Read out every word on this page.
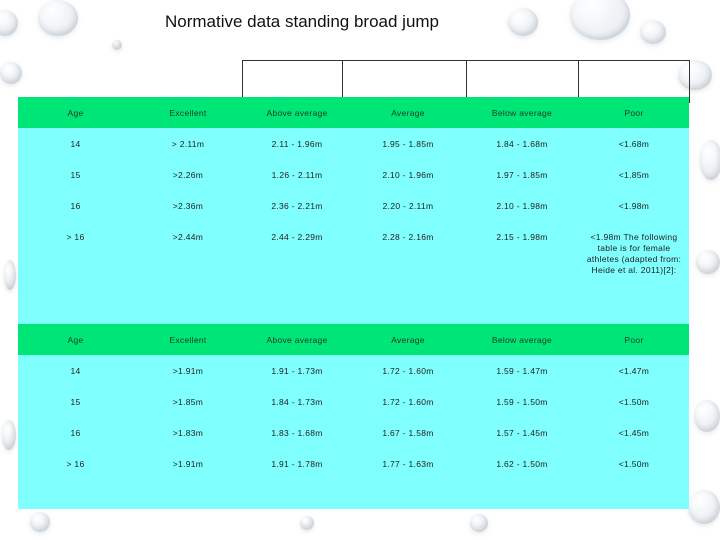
Normative data standing broad jump
Age	Excellent	Above average	Average	Below average	Poor
14	> 2.11m	2.11 - 1.96m	1.95 - 1.85m	1.84 - 1.68m	<1.68m
15	>2.26m	1.26 - 2.11m	2.10 - 1.96m	1.97 - 1.85m	<1.85m
16	>2.36m	2.36 - 2.21m	2.20 - 2.11m	2.10 - 1.98m	<1.98m
> 16	>2.44m	2.44 - 2.29m	2.28 - 2.16m	2.15 - 1.98m	<1.98m The following table is for female athletes (adapted from: Heide et al. 2011)[2]:
Age	Excellent	Above average	Average	Below average	Poor
14	>1.91m	1.91 - 1.73m	1.72 - 1.60m	1.59 - 1.47m	<1.47m
15	>1.85m	1.84 - 1.73m	1.72 - 1.60m	1.59 - 1.50m	<1.50m
16	>1.83m	1.83 - 1.68m	1.67 - 1.58m	1.57 - 1.45m	<1.45m
> 16	>1.91m	1.91 - 1.78m	1.77 - 1.63m	1.62 - 1.50m	<1.50m
